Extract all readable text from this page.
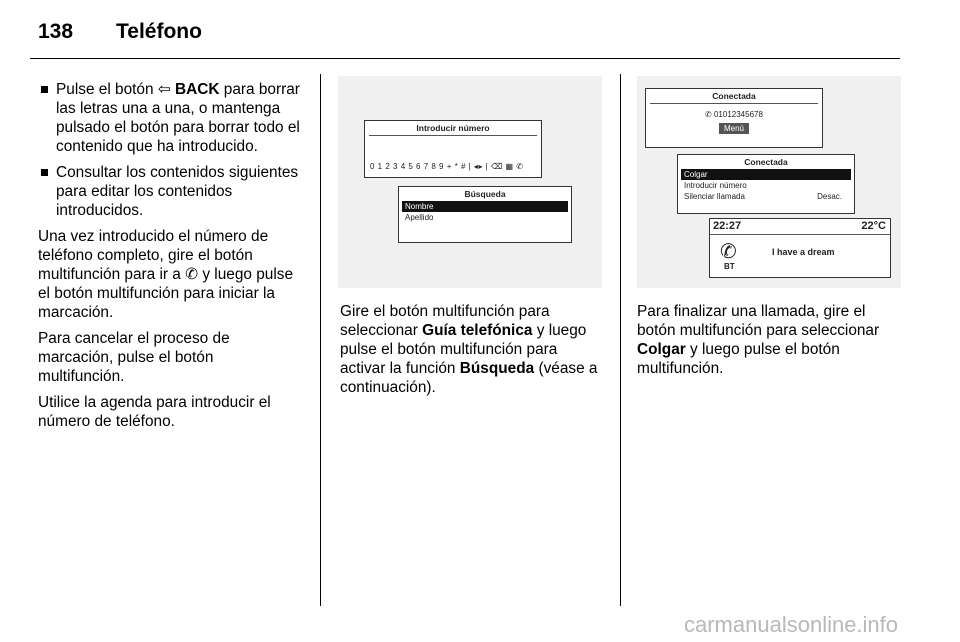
138 Teléfono
Pulse el botón ⇦ BACK para borrar las letras una a una, o mantenga pulsado el botón para borrar todo el contenido que ha introducido.
Consultar los contenidos siguientes para editar los contenidos introducidos.

Una vez introducido el número de teléfono completo, gire el botón multifunción para ir a ✆ y luego pulse el botón multifunción para iniciar la marcación.

Para cancelar el proceso de marcación, pulse el botón multifunción.

Utilice la agenda para introducir el número de teléfono.

Introducir número
0 1 2 3 4 5 6 7 8 9 + * # | ◂▸ | ⌫ ▦ ✆
Búsqueda
Nombre
Apellido

Gire el botón multifunción para seleccionar Guía telefónica y luego pulse el botón multifunción para activar la función Búsqueda (véase a continuación).

Conectada
✆ 01012345678
Menú
Conectada
Colgar
Introducir número
Silenciar llamada	Desac.
22:27	22°C
✆
BT
I have a dream

Para finalizar una llamada, gire el botón multifunción para seleccionar Colgar y luego pulse el botón multifunción.

carmanualsonline.info
